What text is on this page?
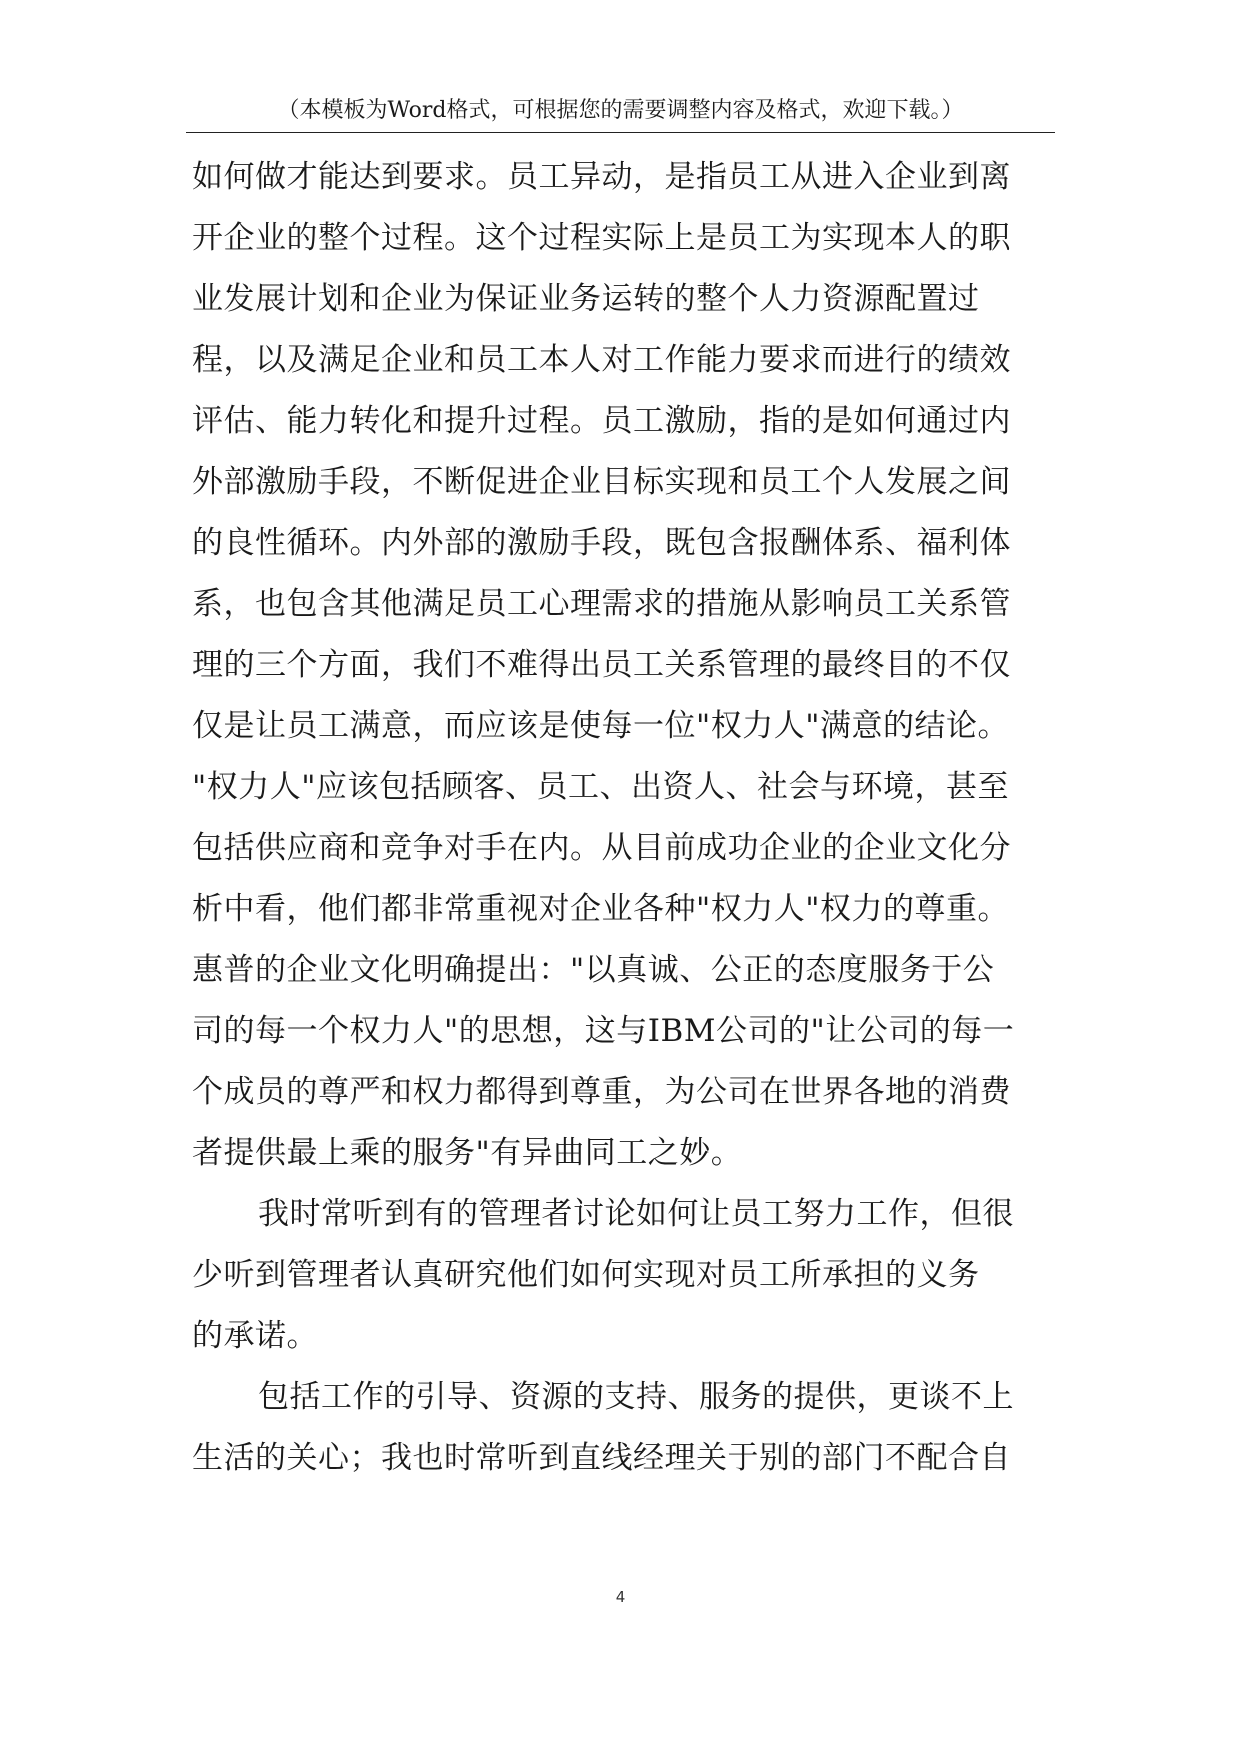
（本模板为Word格式，可根据您的需要调整内容及格式，欢迎下载。）
如何做才能达到要求。员工异动，是指员工从进入企业到离
开企业的整个过程。这个过程实际上是员工为实现本人的职
业发展计划和企业为保证业务运转的整个人力资源配置过
程，以及满足企业和员工本人对工作能力要求而进行的绩效
评估、能力转化和提升过程。员工激励，指的是如何通过内
外部激励手段，不断促进企业目标实现和员工个人发展之间
的良性循环。内外部的激励手段，既包含报酬体系、福利体
系，也包含其他满足员工心理需求的措施从影响员工关系管
理的三个方面，我们不难得出员工关系管理的最终目的不仅
仅是让员工满意，而应该是使每一位"权力人"满意的结论。
"权力人"应该包括顾客、员工、出资人、社会与环境，甚至
包括供应商和竞争对手在内。从目前成功企业的企业文化分
析中看，他们都非常重视对企业各种"权力人"权力的尊重。
惠普的企业文化明确提出："以真诚、公正的态度服务于公
司的每一个权力人"的思想，这与IBM公司的"让公司的每一
个成员的尊严和权力都得到尊重，为公司在世界各地的消费
者提供最上乘的服务"有异曲同工之妙。
我时常听到有的管理者讨论如何让员工努力工作，但很
少听到管理者认真研究他们如何实现对员工所承担的义务
的承诺。
包括工作的引导、资源的支持、服务的提供，更谈不上
生活的关心；我也时常听到直线经理关于别的部门不配合自
4
